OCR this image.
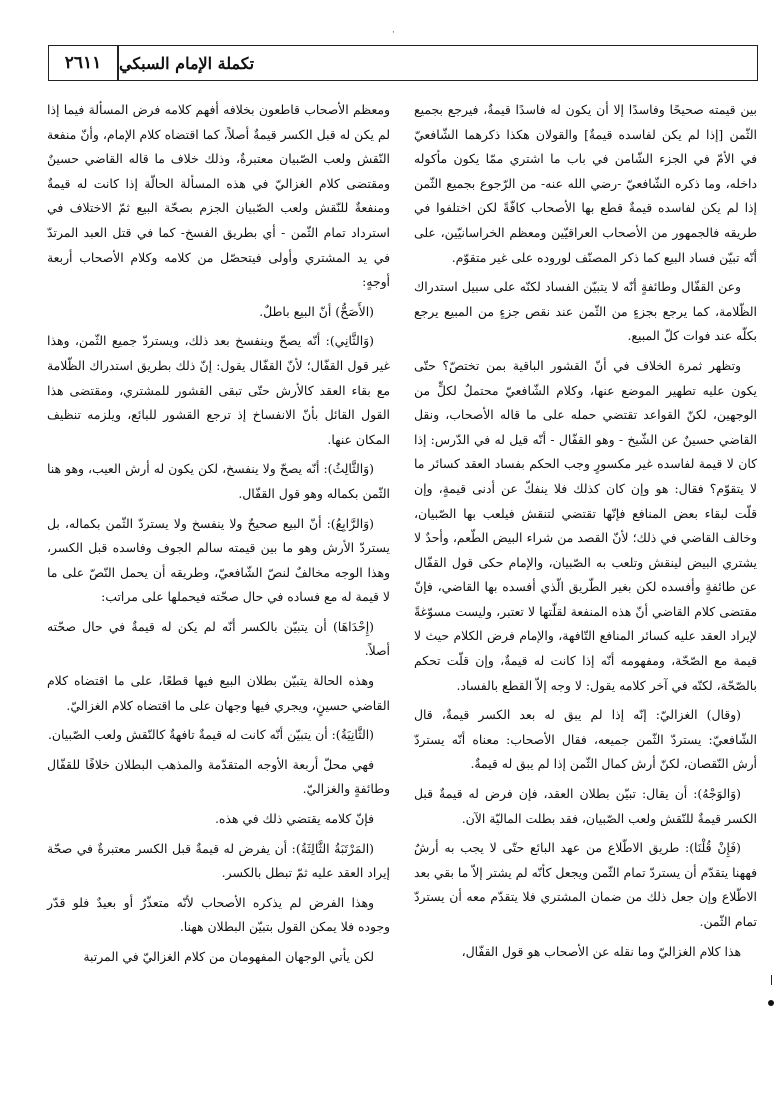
·
٢٦١١	تكملة الإمام السبكي

بين قيمته صحيحًا وفاسدًا إلا أن يكون له فاسدًا قيمةٌ، فيرجع بجميع الثّمن [إذا لم يكن لفاسده قيمةٌ] والقولان هكذا ذكرهما الشّافعيّ في الأمّ في الجزء الشّامن في باب ما اشتري ممّا يكون مأكوله داخله، وما ذكره الشّافعيّ -رضي الله عنه- من الرّجوع بجميع الثّمن إذا لم يكن لفاسده قيمةٌ قطع بها الأصحاب كافّةً لكن اختلفوا في طريقه فالجمهور من الأصحاب العراقيّين ومعظم الخراسانيّين، على أنّه تبيّن فساد البيع كما ذكر المصنّف لوروده على غير متقوّم.

وعن القفّال وطائفةٍ أنّه لا يتبيّن الفساد لكنّه على سبيل استدراك الظّلامة، كما يرجع بجزءٍ من الثّمن عند نقص جزءٍ من المبيع يرجع بكلّه عند فوات كلّ المبيع.

وتظهر ثمرة الخلاف في أنّ القشور الباقية بمن تختصّ؟ حتّى يكون عليه تطهير الموضع عنها، وكلام الشّافعيّ محتملٌ لكلٍّ من الوجهين، لكنّ القواعد تقتضي حمله على ما قاله الأصحاب، ونقل القاضي حسينٌ عن الشّيخ - وهو القفّال - أنّه قيل له في الدّرس: إذا كان لا قيمة لفاسده غير مكسورٍ وجب الحكم بفساد العقد كسائر ما لا يتقوّم؟ فقال: هو وإن كان كذلك فلا ينفكّ عن أدنى قيمةٍ، وإن قلّت لبقاء بعض المنافع فإنّها تقتضي لتنقش فيلعب بها الصّبيان، وخالف القاضي في ذلك؛ لأنّ القصد من شراء البيض الطّعم، وأحدٌ لا يشتري البيض لينقش وتلعب به الصّبيان، والإمام حكى قول القفّال عن طائفةٍ وأفسده لكن بغير الطّريق الّذي أفسده بها القاضي، فإنّ مقتضى كلام القاضي أنّ هذه المنفعة لقلّتها لا تعتبر، وليست مسوّغةً لإيراد العقد عليه كسائر المنافع التّافهة، والإمام فرض الكلام حيث لا قيمة مع الصّحّة، ومفهومه أنّه إذا كانت له قيمةٌ، وإن قلّت تحكم بالصّحّة، لكنّه في آخر كلامه يقول: لا وجه إلاّ القطع بالفساد.

(وقال) الغزاليّ: إنّه إذا لم يبق له بعد الكسر قيمةٌ، قال الشّافعيّ: يستردّ الثّمن جميعه، فقال الأصحاب: معناه أنّه يستردّ أرش النّقصان، لكنّ أرش كمال الثّمن إذا لم يبق له قيمةٌ.

(وَالوَجْهُ): أن يقال: تبيّن بطلان العقد، فإن فرض له قيمةٌ قبل الكسر قيمةٌ للنّقش ولعب الصّبيان، فقد بطلت الماليّة الآن.

(فَإِنْ قُلْنَا): طريق الاطّلاع من عهد البائع حتّى لا يجب به أرشٌ فههنا يتقدّم أن يستردّ تمام الثّمن ويجعل كأنّه لم يشتر إلاّ ما بقي بعد الاطّلاع وإن جعل ذلك من ضمان المشتري فلا يتقدّم معه أن يستردّ تمام الثّمن.

هذا كلام الغزاليّ وما نقله عن الأصحاب هو قول القفّال،

ومعظم الأصحاب قاطعون بخلافه أفهم كلامه فرض المسألة فيما إذا لم يكن له قبل الكسر قيمةٌ أصلاً، كما اقتضاه كلام الإمام، وأنّ منفعة النّقش ولعب الصّبيان معتبرةٌ، وذلك خلاف ما قاله القاضي حسينٌ ومقتضى كلام الغزاليّ في هذه المسألة الحالّة إذا كانت له قيمةٌ ومنفعةٌ للنّقش ولعب الصّبيان الجزم بصحّة البيع ثمّ الاختلاف في استرداد تمام الثّمن - أي بطريق الفسخ- كما في قتل العبد المرتدّ في يد المشتري وأولى فيتحصّل من كلامه وكلام الأصحاب أربعة أوجهٍ:

(الأَصَحُّ) أنّ البيع باطلٌ.

(وَالثَّانِي): أنّه يصحّ وينفسخ بعد ذلك، ويستردّ جميع الثّمن، وهذا غير قول القفّال؛ لأنّ القفّال يقول: إنّ ذلك بطريق استدراك الظّلامة مع بقاء العقد كالأرش حتّى تبقى القشور للمشتري، ومقتضى هذا القول القائل بأنّ الانفساخ إذ ترجع القشور للبائع، ويلزمه تنظيف المكان عنها.

(وَالثَّالِثُ): أنّه يصحّ ولا ينفسخ، لكن يكون له أرش العيب، وهو هنا الثّمن بكماله وهو قول القفّال.

(وَالرَّابِعُ): أنّ البيع صحيحٌ ولا ينفسخ ولا يستردّ الثّمن بكماله، بل يستردّ الأرش وهو ما بين قيمته سالم الجوف وفاسده قبل الكسر، وهذا الوجه مخالفٌ لنصّ الشّافعيّ، وطريقه أن يحمل النّصّ على ما لا قيمة له مع فساده في حال صحّته فيحملها على مراتب:

(إِحْدَاهَا) أن يتبيّن بالكسر أنّه لم يكن له قيمةٌ في حال صحّته أصلاً.

وهذه الحالة يتبيّن بطلان البيع فيها قطعًا، على ما اقتضاه كلام القاضي حسينٍ، ويجري فيها وجهان على ما اقتضاه كلام الغزاليّ.

(الثَّانِيَةُ): أن يتبيّن أنّه كانت له قيمةٌ تافهةٌ كالنّقش ولعب الصّبيان.

فهي محلّ أربعة الأوجه المتقدّمة والمذهب البطلان خلافًا للقفّال وطائفةٍ والغزاليّ.

فإنّ كلامه يقتضي ذلك في هذه.

(المَرْتَبَةُ الثَّالِثَةُ): أن يفرض له قيمةٌ قبل الكسر معتبرةٌ في صحّة إيراد العقد عليه ثمّ تبطل بالكسر.

وهذا الفرض لم يذكره الأصحاب لأنّه متعذّرٌ أو بعيدٌ فلو قدّر وجوده فلا يمكن القول بتبيّن البطلان ههنا.

لكن يأتي الوجهان المفهومان من كلام الغزاليّ في المرتبة
